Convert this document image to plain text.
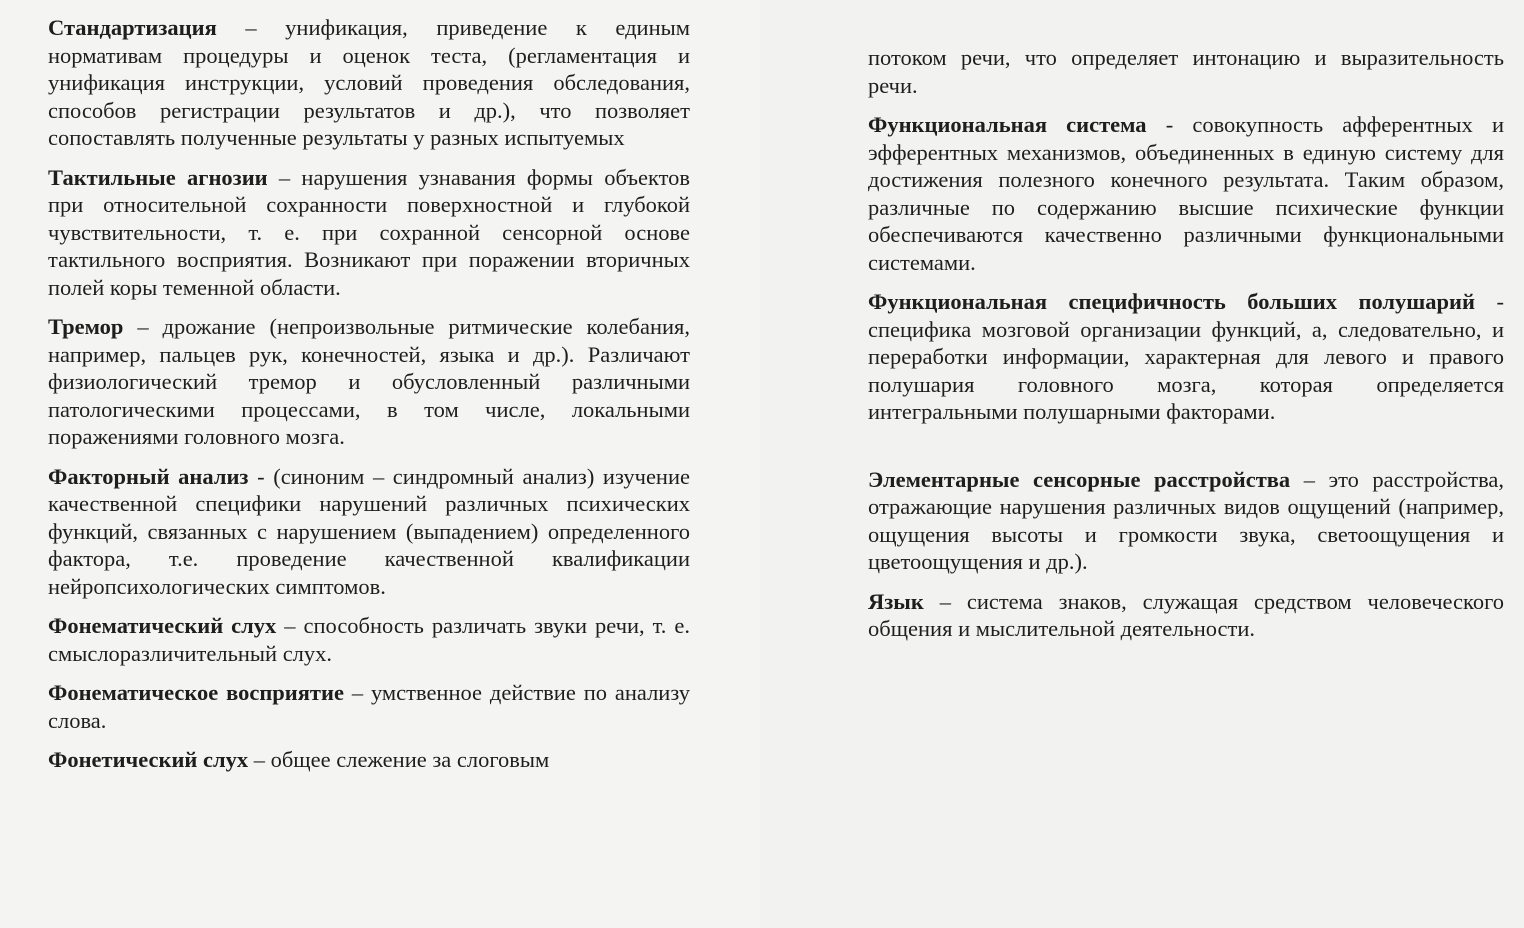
Стандартизация – унификация, приведение к единым нормативам процедуры и оценок теста, (регламентация и унификация инструкции, условий проведения обследования, способов регистрации результатов и др.), что позволяет сопоставлять полученные результаты у разных испытуемых

Тактильные агнозии – нарушения узнавания формы объектов при относительной сохранности поверхностной и глубокой чувствительности, т. е. при сохранной сенсорной основе тактильного восприятия. Возникают при поражении вторичных полей коры теменной области.

Тремор – дрожание (непроизвольные ритмические колебания, например, пальцев рук, конечностей, языка и др.). Различают физиологический тремор и обусловленный различными патологическими процессами, в том числе, локальными поражениями головного мозга.

Факторный анализ - (синоним – синдромный анализ) изучение качественной специфики нарушений различных психических функций, связанных с нарушением (выпадением) определенного фактора, т.е. проведение качественной квалификации нейропсихологических симптомов.

Фонематический слух – способность различать звуки речи, т. е. смыслоразличительный слух.

Фонематическое восприятие – умственное действие по анализу слова.

Фонетический слух – общее слежение за слоговым

потоком речи, что определяет интонацию и выразительность речи.

Функциональная система - совокупность афферентных и эфферентных механизмов, объединенных в единую систему для достижения полезного конечного результата. Таким образом, различные по содержанию высшие психические функции обеспечиваются качественно различными функциональными системами.

Функциональная специфичность больших полушарий - специфика мозговой организации функций, а, следовательно, и переработки информации, характерная для левого и правого полушария головного мозга, которая определяется интегральными полушарными факторами.

Элементарные сенсорные расстройства – это расстройства, отражающие нарушения различных видов ощущений (например, ощущения высоты и громкости звука, светоощущения и цветоощущения и др.).

Язык – система знаков, служащая средством человеческого общения и мыслительной деятельности.
